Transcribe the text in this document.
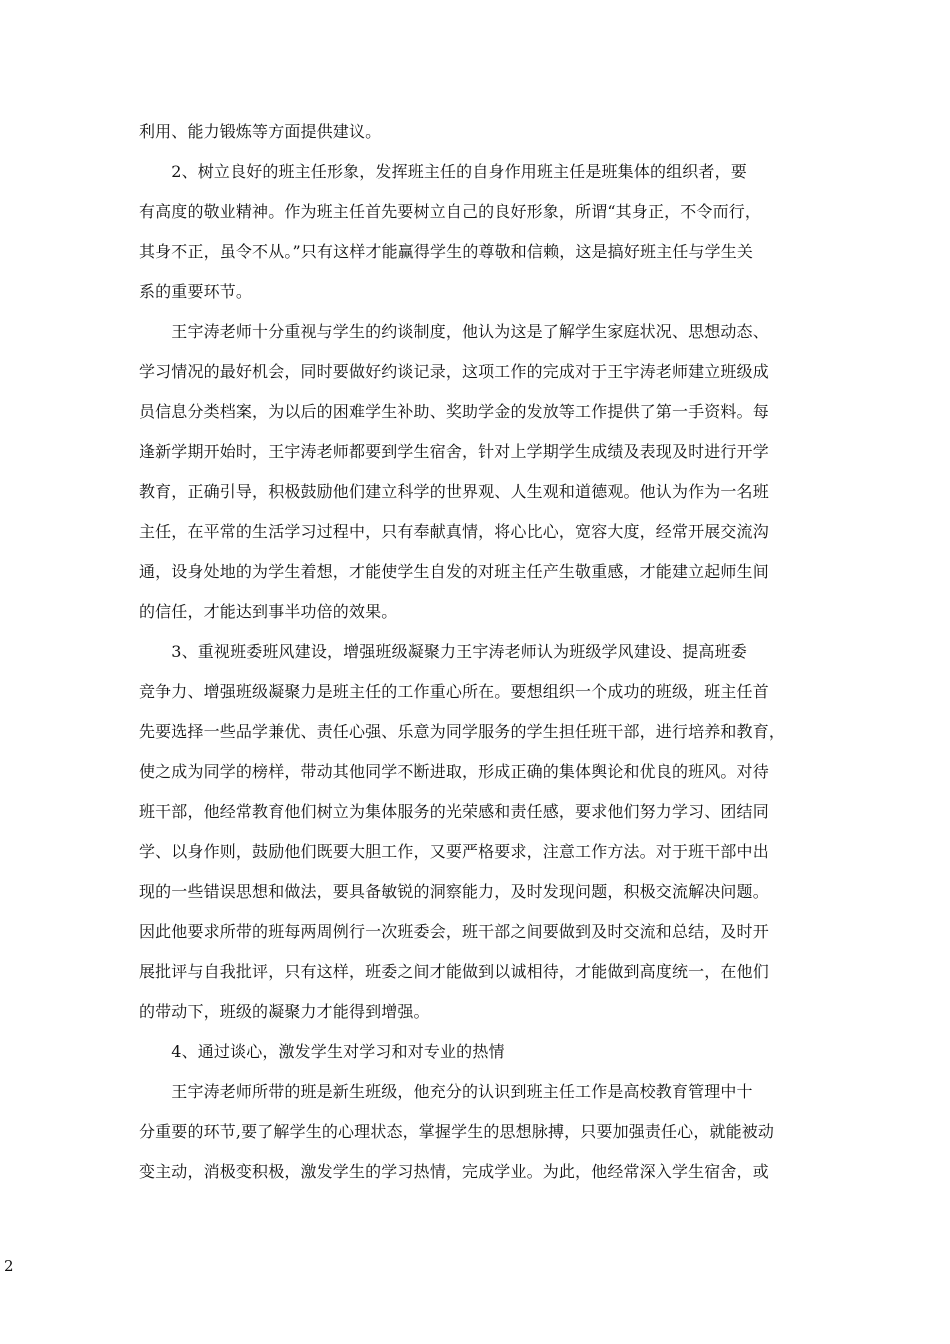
利用、能力锻炼等方面提供建议。
　　2、树立良好的班主任形象，发挥班主任的自身作用班主任是班集体的组织者，要
有高度的敬业精神。作为班主任首先要树立自己的良好形象，所谓“其身正，不令而行，
其身不正，虽令不从。”只有这样才能赢得学生的尊敬和信赖，这是搞好班主任与学生关
系的重要环节。
　　王宇涛老师十分重视与学生的约谈制度，他认为这是了解学生家庭状况、思想动态、
学习情况的最好机会，同时要做好约谈记录，这项工作的完成对于王宇涛老师建立班级成
员信息分类档案，为以后的困难学生补助、奖助学金的发放等工作提供了第一手资料。每
逢新学期开始时，王宇涛老师都要到学生宿舍，针对上学期学生成绩及表现及时进行开学
教育，正确引导，积极鼓励他们建立科学的世界观、人生观和道德观。他认为作为一名班
主任，在平常的生活学习过程中，只有奉献真情，将心比心，宽容大度，经常开展交流沟
通，设身处地的为学生着想，才能使学生自发的对班主任产生敬重感，才能建立起师生间
的信任，才能达到事半功倍的效果。
　　3、重视班委班风建设，增强班级凝聚力王宇涛老师认为班级学风建设、提高班委
竞争力、增强班级凝聚力是班主任的工作重心所在。要想组织一个成功的班级，班主任首
先要选择一些品学兼优、责任心强、乐意为同学服务的学生担任班干部，进行培养和教育，
使之成为同学的榜样，带动其他同学不断进取，形成正确的集体舆论和优良的班风。对待
班干部，他经常教育他们树立为集体服务的光荣感和责任感，要求他们努力学习、团结同
学、以身作则，鼓励他们既要大胆工作，又要严格要求，注意工作方法。对于班干部中出
现的一些错误思想和做法，要具备敏锐的洞察能力，及时发现问题，积极交流解决问题。
因此他要求所带的班每两周例行一次班委会，班干部之间要做到及时交流和总结，及时开
展批评与自我批评，只有这样，班委之间才能做到以诚相待，才能做到高度统一，在他们
的带动下，班级的凝聚力才能得到增强。
　　4、通过谈心，激发学生对学习和对专业的热情
　　王宇涛老师所带的班是新生班级，他充分的认识到班主任工作是高校教育管理中十
分重要的环节,要了解学生的心理状态，掌握学生的思想脉搏，只要加强责任心，就能被动
变主动，消极变积极，激发学生的学习热情，完成学业。为此，他经常深入学生宿舍，或
2
